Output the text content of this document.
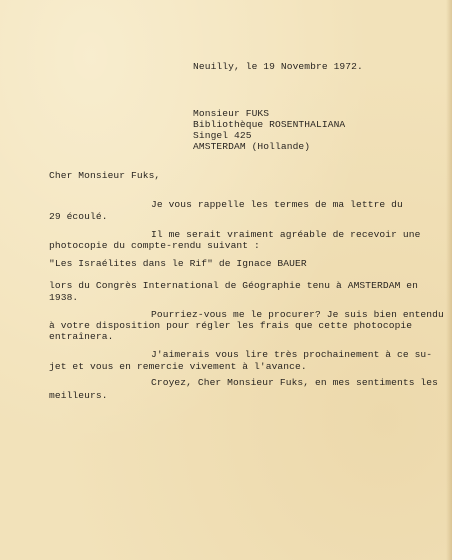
Neuilly, le 19 Novembre 1972.

Monsieur FUKS

Bibliothèque ROSENTHALIANA

Singel 425

AMSTERDAM (Hollande)

Cher Monsieur Fuks,

Je vous rappelle les termes de ma lettre du

29 écoulé.

Il me serait vraiment agréable de recevoir une

photocopie du compte-rendu suivant :

"Les Israélites dans le Rif" de Ignace BAUER

lors du Congrès International de Géographie tenu à AMSTERDAM en

1938.

Pourriez-vous me le procurer? Je suis bien entendu

à votre disposition pour régler les frais que cette photocopie

entraînera.

J'aimerais vous lire très prochainement à ce su-

jet et vous en remercie vivement à l'avance.

Croyez, Cher Monsieur Fuks, en mes sentiments les

meilleurs.
